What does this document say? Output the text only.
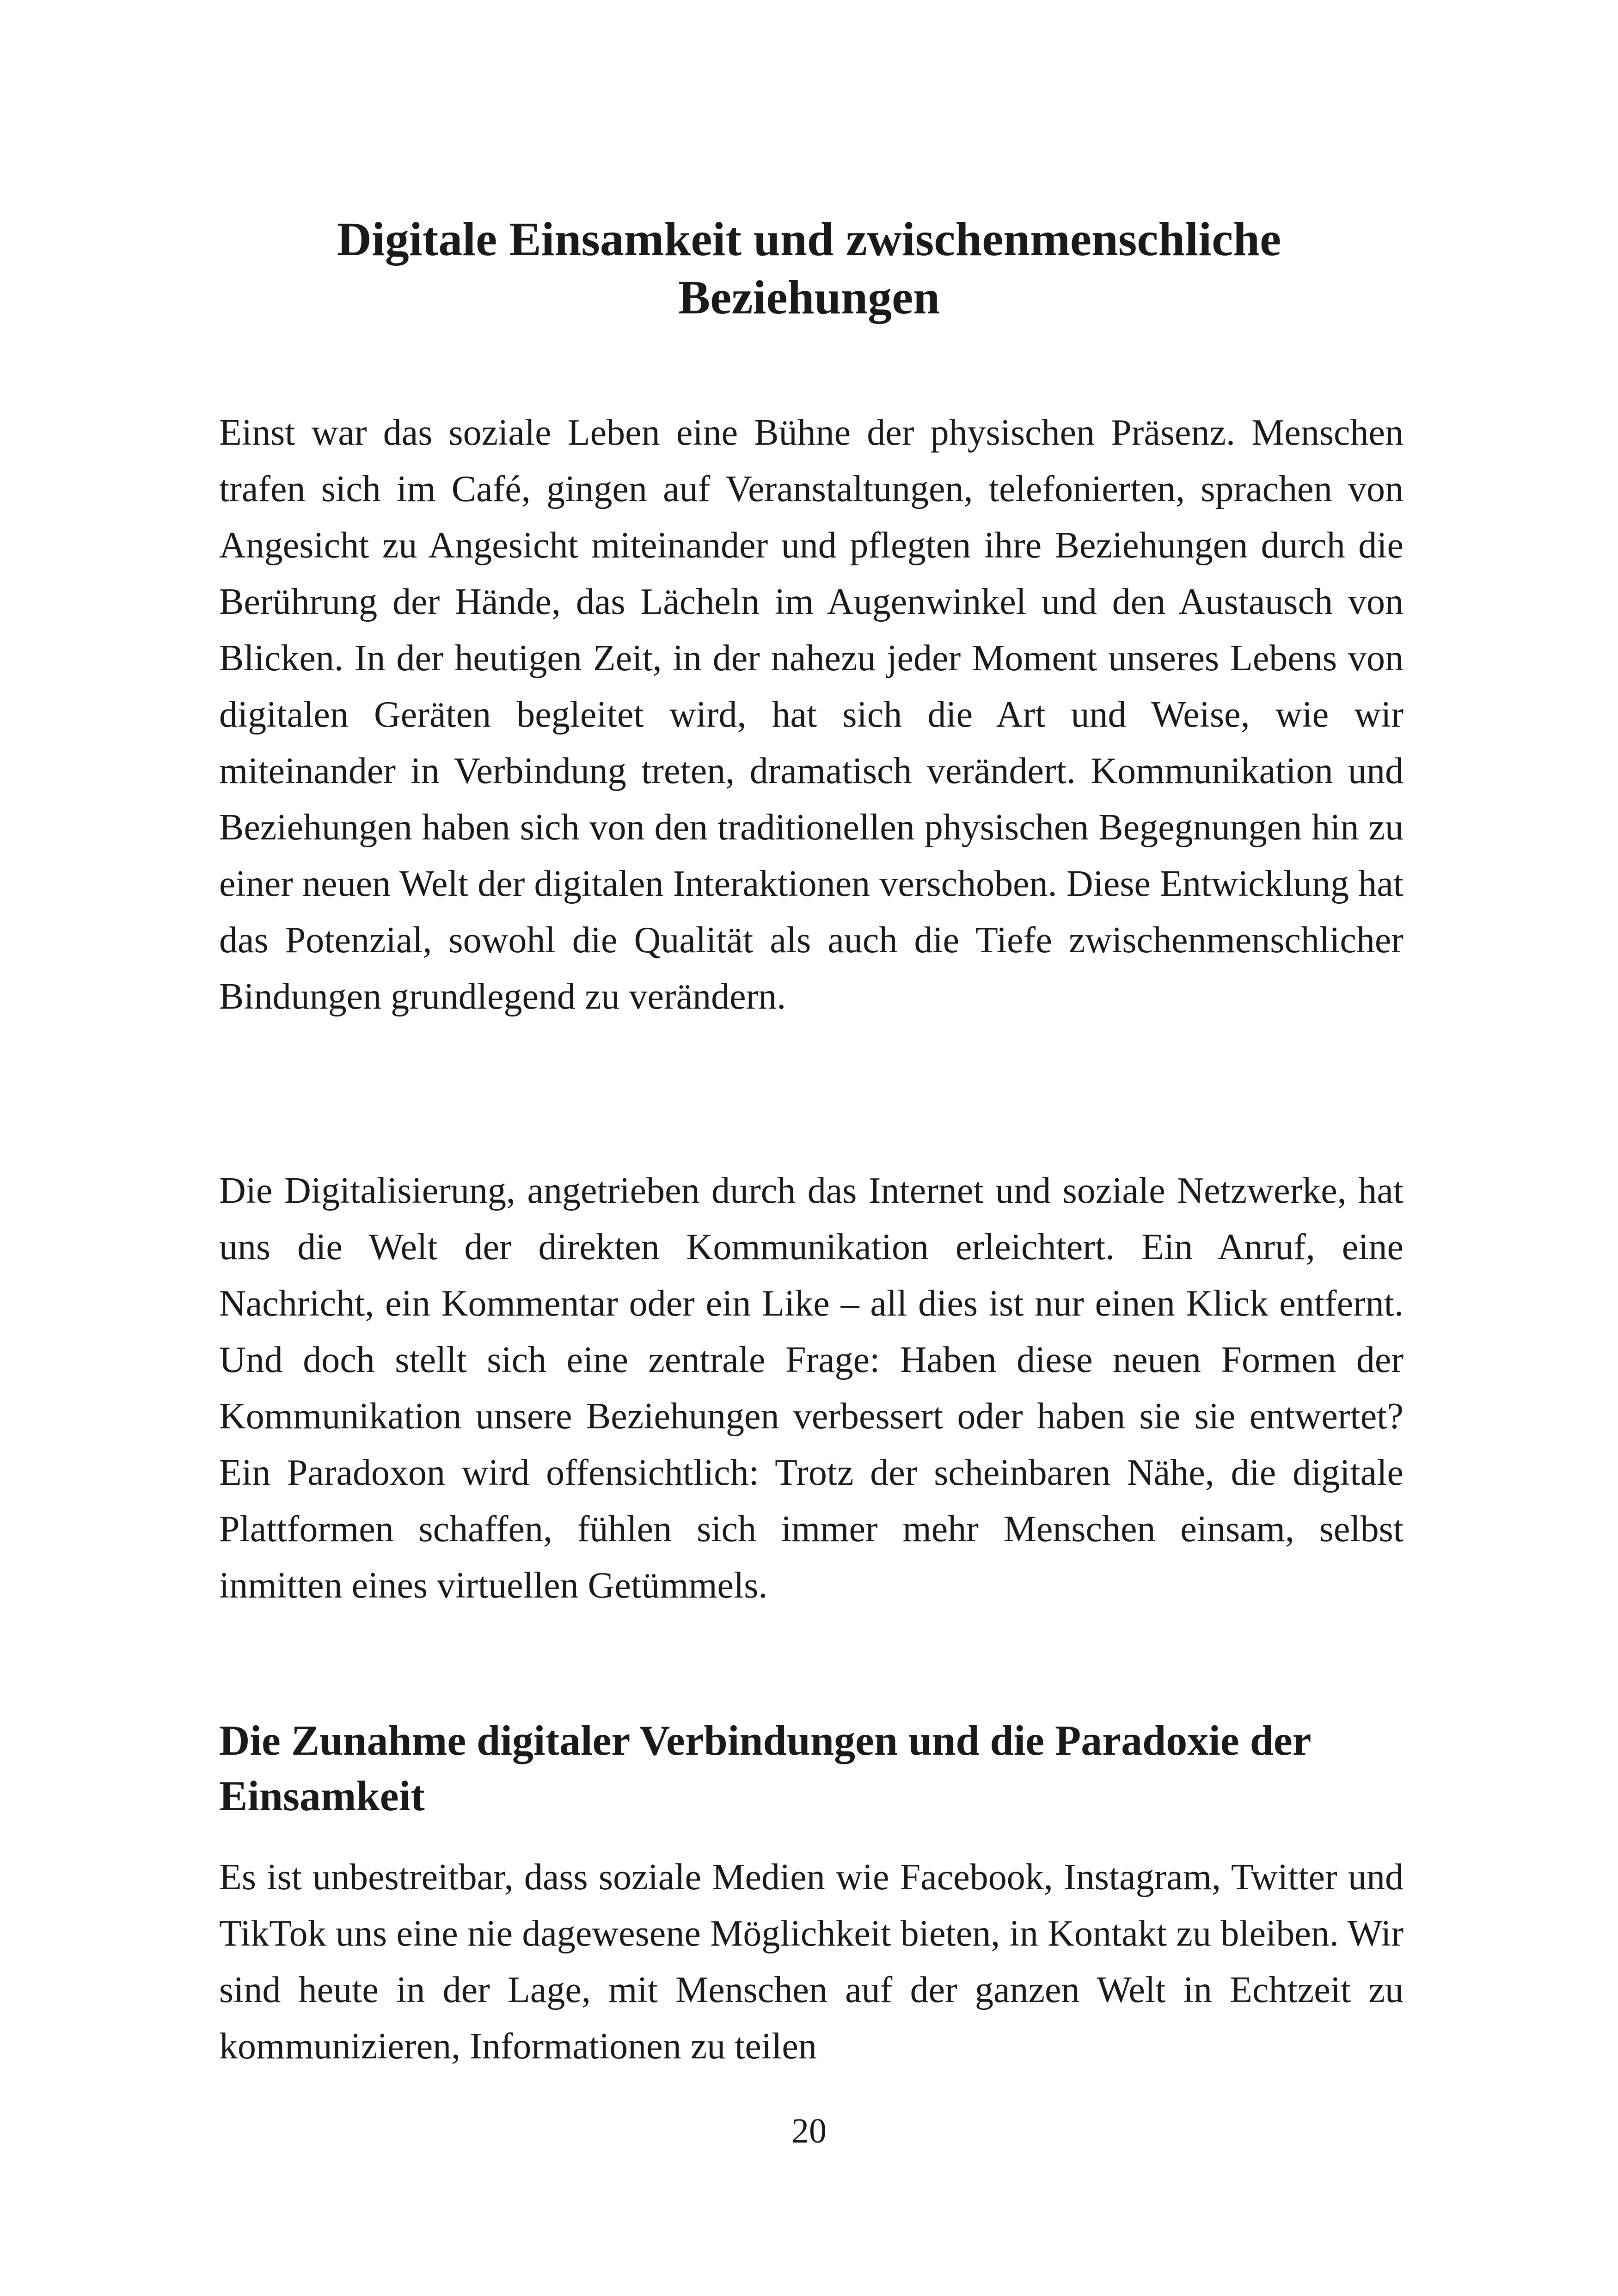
Digitale Einsamkeit und zwischenmenschliche Beziehungen

Einst war das soziale Leben eine Bühne der physischen Präsenz. Menschen trafen sich im Café, gingen auf Veranstaltungen, telefonierten, sprachen von Angesicht zu Angesicht miteinander und pflegten ihre Beziehungen durch die Berührung der Hände, das Lächeln im Augenwinkel und den Austausch von Blicken. In der heutigen Zeit, in der nahezu jeder Moment unseres Lebens von digitalen Geräten begleitet wird, hat sich die Art und Weise, wie wir miteinander in Verbindung treten, dramatisch verändert. Kommunikation und Beziehungen haben sich von den traditionellen physischen Begegnungen hin zu einer neuen Welt der digitalen Interaktionen verschoben. Diese Entwicklung hat das Potenzial, sowohl die Qualität als auch die Tiefe zwischenmenschlicher Bindungen grundlegend zu verändern.

Die Digitalisierung, angetrieben durch das Internet und soziale Netzwerke, hat uns die Welt der direkten Kommunikation erleichtert. Ein Anruf, eine Nachricht, ein Kommentar oder ein Like – all dies ist nur einen Klick entfernt. Und doch stellt sich eine zentrale Frage: Haben diese neuen Formen der Kommunikation unsere Beziehungen verbessert oder haben sie sie entwertet? Ein Paradoxon wird offensichtlich: Trotz der scheinbaren Nähe, die digitale Plattformen schaffen, fühlen sich immer mehr Menschen einsam, selbst inmitten eines virtuellen Getümmels.

Die Zunahme digitaler Verbindungen und die Paradoxie der Einsamkeit

Es ist unbestreitbar, dass soziale Medien wie Facebook, Instagram, Twitter und TikTok uns eine nie dagewesene Möglichkeit bieten, in Kontakt zu bleiben. Wir sind heute in der Lage, mit Menschen auf der ganzen Welt in Echtzeit zu kommunizieren, Informationen zu teilen

20
